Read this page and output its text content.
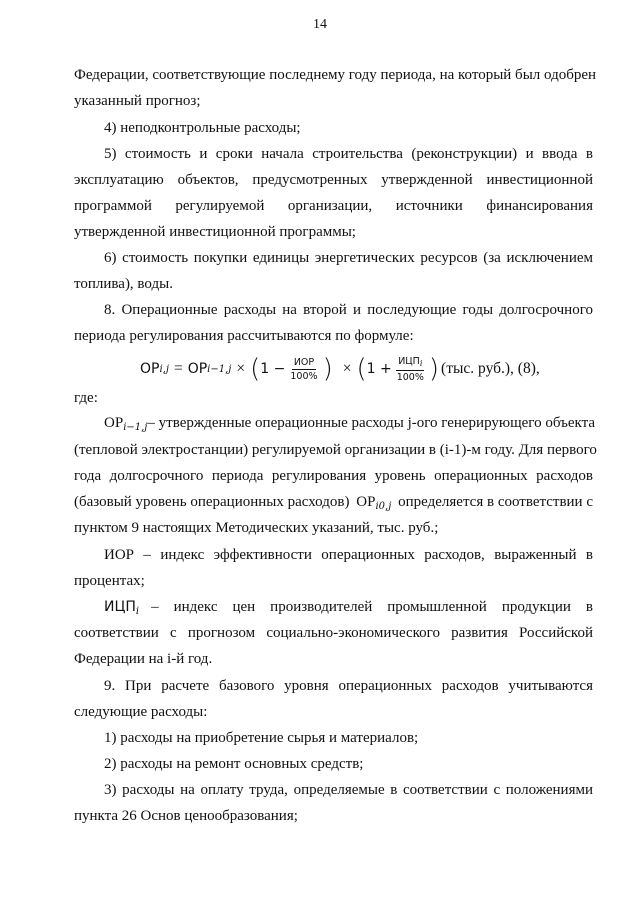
14
Федерации, соответствующие последнему году периода, на который был одобрен
указанный прогноз;
4) неподконтрольные расходы;
5) стоимость и сроки начала строительства (реконструкции) и ввода в
эксплуатацию объектов, предусмотренных утвержденной инвестиционной
программой регулируемой организации, источники финансирования
утвержденной инвестиционной программы;
6) стоимость покупки единицы энергетических ресурсов (за исключением
топлива), воды.
8. Операционные расходы на второй и последующие годы долгосрочного
периода регулирования рассчитываются по формуле:
OP i,j = OP i−1,j × ( $1 - \frac{\text{ИОР}}{100\%}$ ) × ( $1 + \frac{ИЦП_i}{100\%}$ ) (тыс. руб.), (8),
где:
$OP_{i-1,j}-$ утвержденные операционные расходы j-ого генерирующего объекта
(тепловой электростанции) регулируемой организации в (i-1)-м году. Для первого
года долгосрочного периода регулирования уровень операционных расходов
(базовый уровень операционных расходов) $OP_{i0,j}$ определяется в соответствии с
пунктом 9 настоящих Методических указаний, тыс. руб.;
ИОР – индекс эффективности операционных расходов, выраженный в
процентах;
$ИЦП_i$ – индекс цен производителей промышленной продукции в
соответствии с прогнозом социально-экономического развития Российской
Федерации на i-й год.
9. При расчете базового уровня операционных расходов учитываются
следующие расходы:
1) расходы на приобретение сырья и материалов;
2) расходы на ремонт основных средств;
3) расходы на оплату труда, определяемые в соответствии с положениями
пункта 26 Основ ценообразования;
